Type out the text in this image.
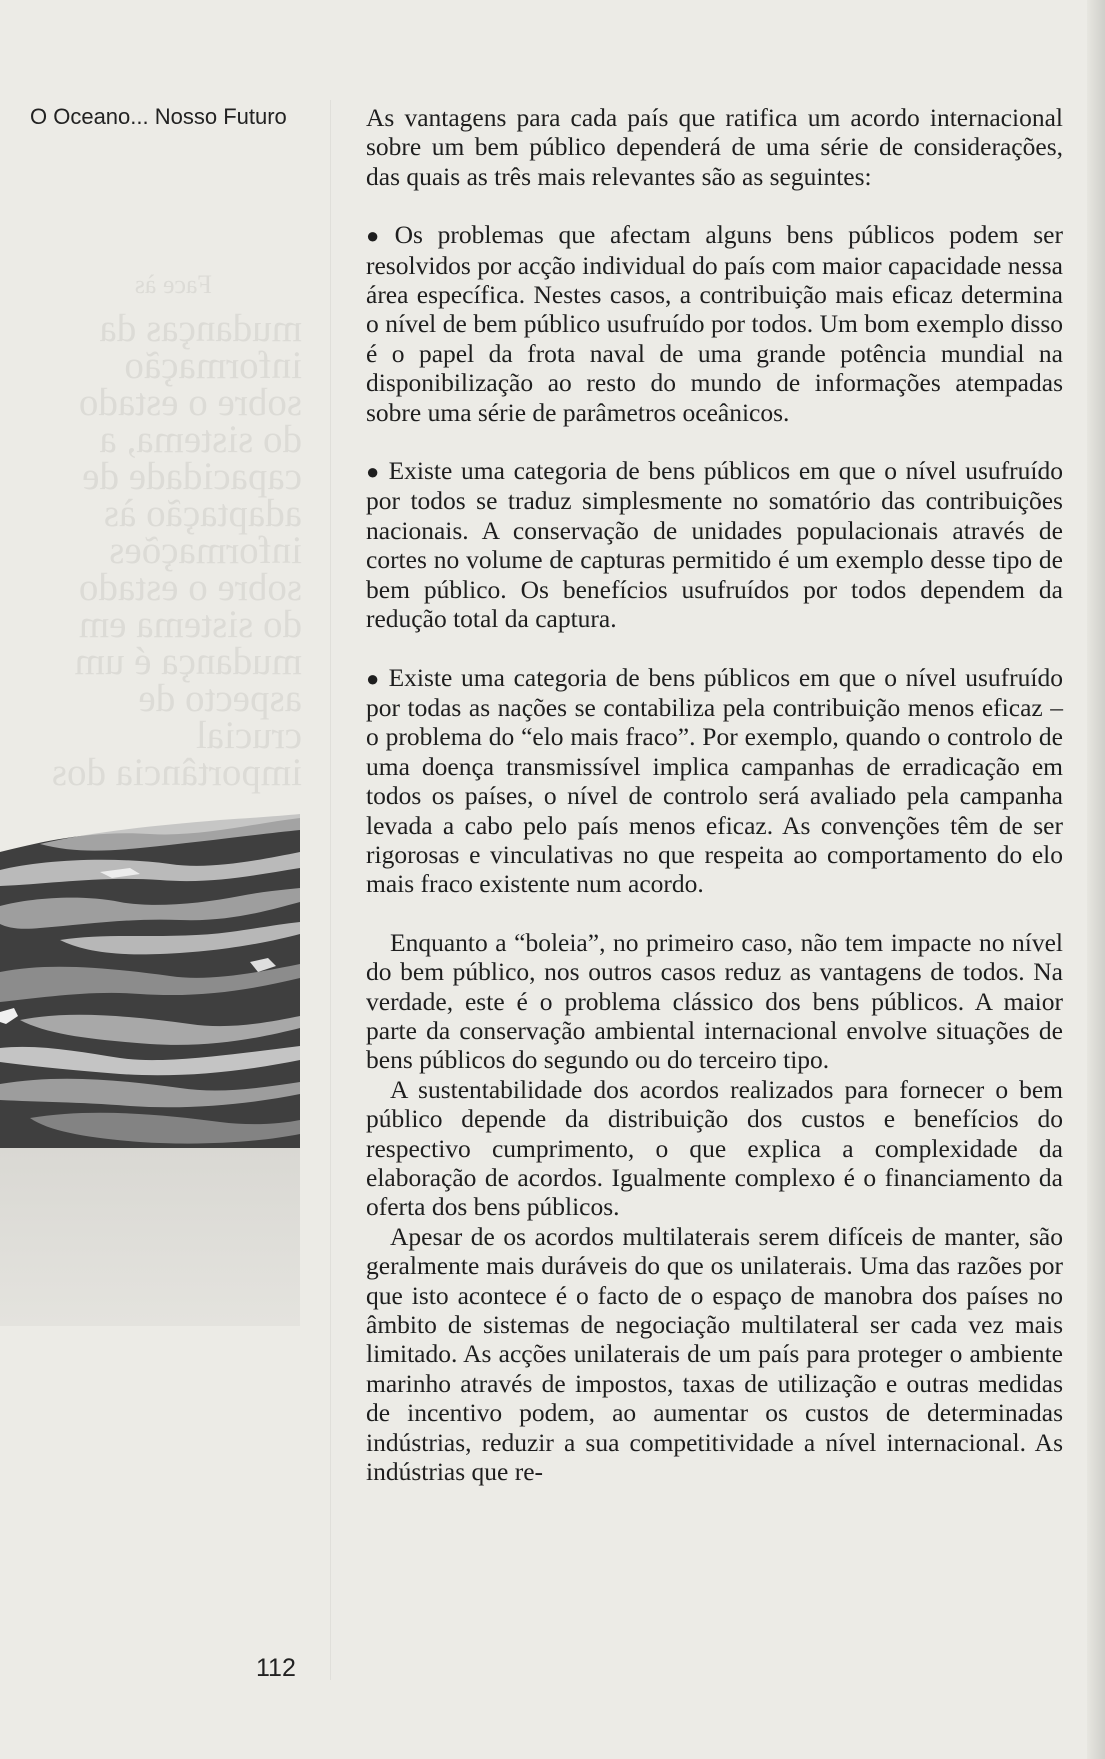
O Oceano... Nosso Futuro
Face às
mudanças da
informação
sobre o estado
do sistema, a
capacidade de
adaptação às
informações
sobre o estado
do sistema em
mudança é um
aspecto de
crucial
importância dos

As vantagens para cada país que ratifica um acordo internacional sobre um bem público dependerá de uma série de considerações, das quais as três mais relevantes são as seguintes:

● Os problemas que afectam alguns bens públicos podem ser resolvidos por acção individual do país com maior capacidade nessa área específica. Nestes casos, a contribuição mais eficaz determina o nível de bem público usufruído por todos. Um bom exemplo disso é o papel da frota naval de uma grande potência mundial na disponibilização ao resto do mundo de informações atempadas sobre uma série de parâmetros oceânicos.

● Existe uma categoria de bens públicos em que o nível usufruído por todos se traduz simplesmente no somatório das contribuições nacionais. A conservação de unidades populacionais através de cortes no volume de capturas permitido é um exemplo desse tipo de bem público. Os benefícios usufruídos por todos dependem da redução total da captura.

● Existe uma categoria de bens públicos em que o nível usufruído por todas as nações se contabiliza pela contribuição menos eficaz – o problema do “elo mais fraco”. Por exemplo, quando o controlo de uma doença transmissível implica campanhas de erradicação em todos os países, o nível de controlo será avaliado pela campanha levada a cabo pelo país menos eficaz. As convenções têm de ser rigorosas e vinculativas no que respeita ao comportamento do elo mais fraco existente num acordo.

Enquanto a “boleia”, no primeiro caso, não tem impacte no nível do bem público, nos outros casos reduz as vantagens de todos. Na verdade, este é o problema clássico dos bens públicos. A maior parte da conservação ambiental internacional envolve situações de bens públicos do segundo ou do terceiro tipo.

A sustentabilidade dos acordos realizados para fornecer o bem público depende da distribuição dos custos e benefícios do respectivo cumprimento, o que explica a complexidade da elaboração de acordos. Igualmente complexo é o financiamento da oferta dos bens públicos.

Apesar de os acordos multilaterais serem difíceis de manter, são geralmente mais duráveis do que os unilaterais. Uma das razões por que isto acontece é o facto de o espaço de manobra dos países no âmbito de sistemas de negociação multilateral ser cada vez mais limitado. As acções unilaterais de um país para proteger o ambiente marinho através de impostos, taxas de utilização e outras medidas de incentivo podem, ao aumentar os custos de determinadas indústrias, reduzir a sua competitividade a nível internacional. As indústrias que re-

112
